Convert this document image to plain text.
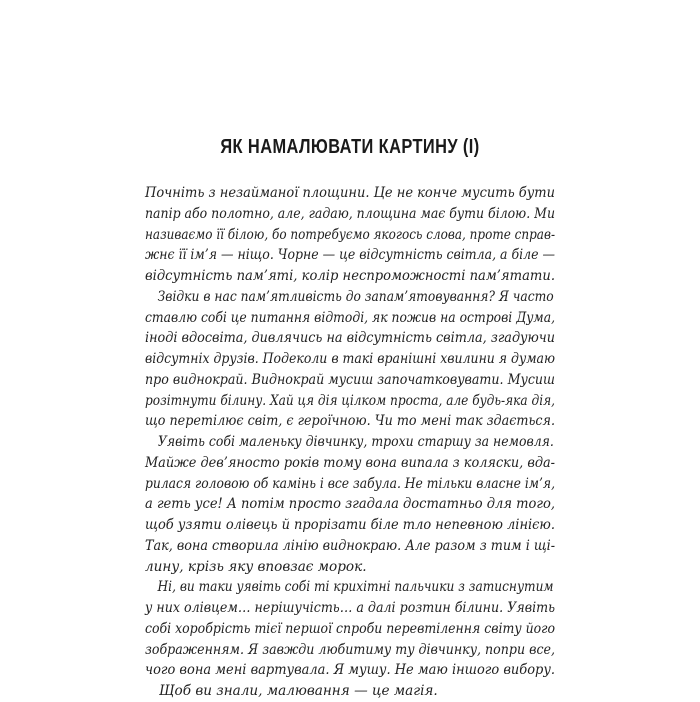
ЯК НАМАЛЮВАТИ КАРТИНУ (І)
Почніть з незайманої площини. Це не конче мусить бути
папір або полотно, але, гадаю, площина має бути білою. Ми
називаємо її білою, бо потребуємо якогось слова, проте справ-
жнє її ім’я — ніщо. Чорне — це відсутність світла, а біле —
відсутність пам’яті, колір неспроможності пам’ятати.
Звідки в нас пам’ятливість до запам’ятовування? Я часто
ставлю собі це питання відтоді, як пожив на острові Дума,
іноді вдосвіта, дивлячись на відсутність світла, згадуючи
відсутніх друзів. Подеколи в такі вранішні хвилини я думаю
про виднокрай. Виднокрай мусиш започатковувати. Мусиш
розітнути білину. Хай ця дія цілком проста, але будь-яка дія,
що перетілює світ, є героїчною. Чи то мені так здається.
Уявіть собі маленьку дівчинку, трохи старшу за немовля.
Майже дев’яносто років тому вона випала з коляски, вда-
рилася головою об камінь і все забула. Не тільки власне ім’я,
а геть усе! А потім просто згадала достатньо для того,
щоб узяти олівець й прорізати біле тло непевною лінією.
Так, вона створила лінію виднокраю. Але разом з тим і щі-
лину, крізь яку вповзає морок.
Ні, ви таки уявіть собі ті крихітні пальчики з затиснутим
у них олівцем… нерішучість… а далі розтин білини. Уявіть
собі хоробрість тієї першої спроби перевтілення світу його
зображенням. Я завжди любитиму ту дівчинку, попри все,
чого вона мені вартувала. Я мушу. Не маю іншого вибору.
Щоб ви знали, малювання — це магія.
